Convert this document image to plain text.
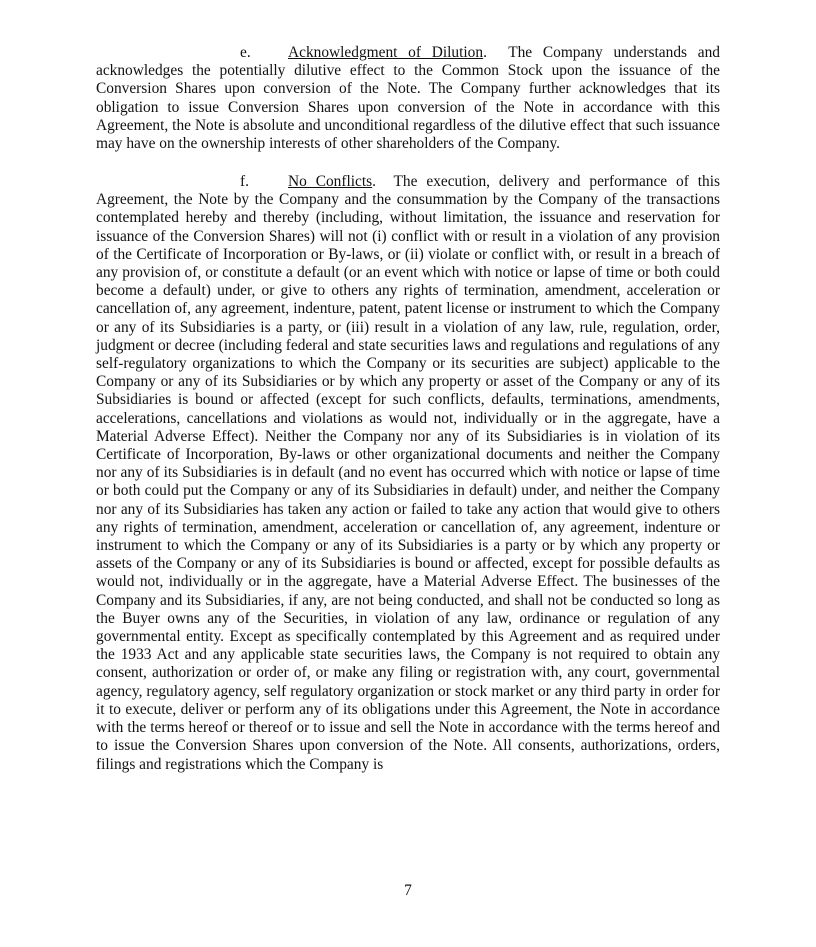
e. Acknowledgment of Dilution. The Company understands and acknowledges the potentially dilutive effect to the Common Stock upon the issuance of the Conversion Shares upon conversion of the Note. The Company further acknowledges that its obligation to issue Conversion Shares upon conversion of the Note in accordance with this Agreement, the Note is absolute and unconditional regardless of the dilutive effect that such issuance may have on the ownership interests of other shareholders of the Company.
f.	No Conflicts. The execution, delivery and performance of this Agreement, the Note by the Company and the consummation by the Company of the transactions contemplated hereby and thereby (including, without limitation, the issuance and reservation for issuance of the Conversion Shares) will not (i) conflict with or result in a violation of any provision of the Certificate of Incorporation or By-laws, or (ii) violate or conflict with, or result in a breach of any provision of, or constitute a default (or an event which with notice or lapse of time or both could become a default) under, or give to others any rights of termination, amendment, acceleration or cancellation of, any agreement, indenture, patent, patent license or instrument to which the Company or any of its Subsidiaries is a party, or (iii) result in a violation of any law, rule, regulation, order, judgment or decree (including federal and state securities laws and regulations and regulations of any self-regulatory organizations to which the Company or its securities are subject) applicable to the Company or any of its Subsidiaries or by which any property or asset of the Company or any of its Subsidiaries is bound or affected (except for such conflicts, defaults, terminations, amendments, accelerations, cancellations and violations as would not, individually or in the aggregate, have a Material Adverse Effect). Neither the Company nor any of its Subsidiaries is in violation of its Certificate of Incorporation, By-laws or other organizational documents and neither the Company nor any of its Subsidiaries is in default (and no event has occurred which with notice or lapse of time or both could put the Company or any of its Subsidiaries in default) under, and neither the Company nor any of its Subsidiaries has taken any action or failed to take any action that would give to others any rights of termination, amendment, acceleration or cancellation of, any agreement, indenture or instrument to which the Company or any of its Subsidiaries is a party or by which any property or assets of the Company or any of its Subsidiaries is bound or affected, except for possible defaults as would not, individually or in the aggregate, have a Material Adverse Effect. The businesses of the Company and its Subsidiaries, if any, are not being conducted, and shall not be conducted so long as the Buyer owns any of the Securities, in violation of any law, ordinance or regulation of any governmental entity. Except as specifically contemplated by this Agreement and as required under the 1933 Act and any applicable state securities laws, the Company is not required to obtain any consent, authorization or order of, or make any filing or registration with, any court, governmental agency, regulatory agency, self regulatory organization or stock market or any third party in order for it to execute, deliver or perform any of its obligations under this Agreement, the Note in accordance with the terms hereof or thereof or to issue and sell the Note in accordance with the terms hereof and to issue the Conversion Shares upon conversion of the Note. All consents, authorizations, orders, filings and registrations which the Company is
7
